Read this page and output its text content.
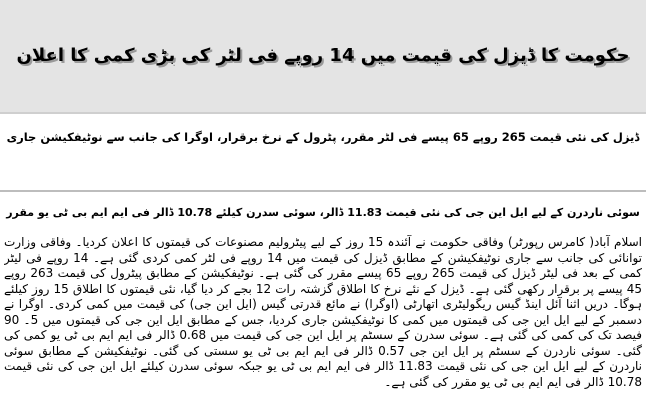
حکومت کا ڈیزل کی قیمت میں 14 روپے فی لٹر کی بڑی کمی کا اعلان
ڈیزل کی نئی قیمت 265 روپے 65 پیسے فی لٹر مقرر، پٹرول کے نرخ برقرار، اوگرا کی جانب سے نوٹیفکیشن جاری
سوئی ناردرن کے لیے ایل این جی کی نئی قیمت 11.83 ڈالر، سوئی سدرن کیلئے 10.78 ڈالر فی ایم ایم بی ٹی یو مقرر
اسلام آباد( کامرس رپورٹر) وفاقی حکومت نے آئندہ 15 روز کے لیے پیٹرولیم مصنوعات کی قیمتوں کا اعلان کردیا۔ وفاقی وزارت توانائی کی جانب سے جاری نوٹیفکیشن کے مطابق ڈیزل کی قیمت میں 14 روپے فی لٹر کمی کردی گئی ہے۔ 14 روپے فی لیٹر کمی کے بعد فی لیٹر ڈیزل کی قیمت 265 روپے 65 پیسے مقرر کی گئی ہے۔ نوٹیفکیشن کے مطابق پیٹرول کی قیمت 263 روپے 45 پیسے پر برقرار رکھی گئی ہے۔ ڈیزل کے نئے نرخ کا اطلاق گزشتہ رات 12 بجے کر دیا گیا، نئی قیمتوں کا اطلاق 15 روز کیلئے ہوگا۔ دریں اثنا آئل اینڈ گیس ریگولیٹری اتھارٹی (اوگرا) نے مائع قدرتی گیس (ایل این جی) کی قیمت میں کمی کردی۔ اوگرا نے دسمبر کے لیے ایل این جی کی قیمتوں میں کمی کا نوٹیفکیشن جاری کردیا، جس کے مطابق ایل این جی کی قیمتوں میں 5۔ 90 فیصد تک کی کمی کی گئی ہے۔ سوئی سدرن کے سسٹم پر ایل این جی کی قیمت میں 0.68 ڈالر فی ایم ایم بی ٹی یو کمی کی گئی۔ سوئی ناردرن کے سسٹم پر ایل این جی 0.57 ڈالر فی ایم ایم بی ٹی یو سستی کی گئی۔ نوٹیفکیشن کے مطابق سوئی ناردرن کے لیے ایل این جی کی نئی قیمت 11.83 ڈالر فی ایم ایم بی ٹی یو جبکہ سوئی سدرن کیلئے ایل این جی کی نئی قیمت 10.78 ڈالر فی ایم ایم بی ٹی یو مقرر کی گئی ہے۔
